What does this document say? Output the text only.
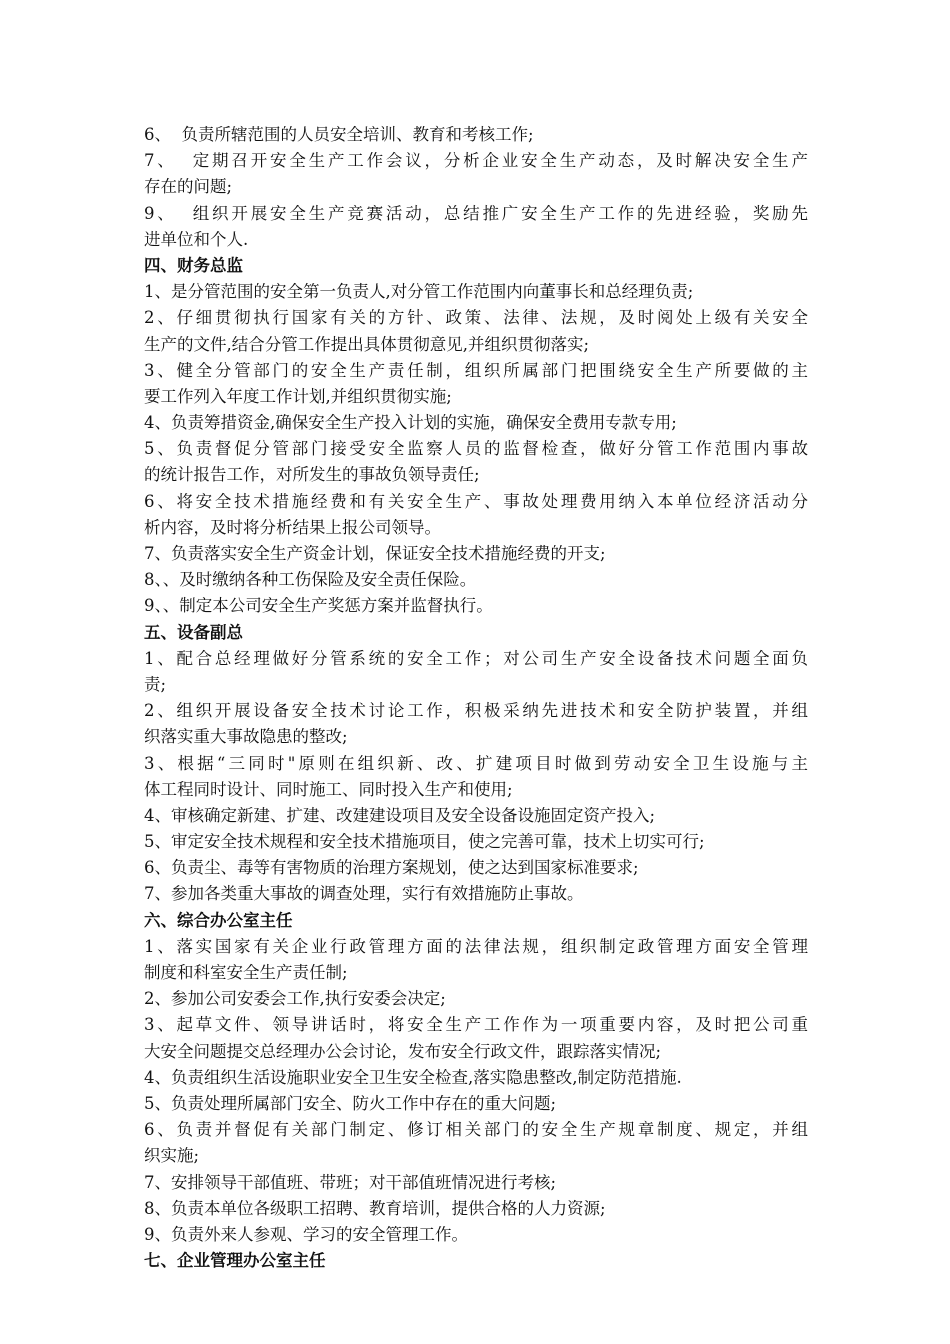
6、  负责所辖范围的人员安全培训、教育和考核工作;
7、  定期召开安全生产工作会议，分析企业安全生产动态，及时解决安全生产
存在的问题;
9、  组织开展安全生产竞赛活动，总结推广安全生产工作的先进经验，奖励先
进单位和个人.
四、财务总监
1、是分管范围的安全第一负责人,对分管工作范围内向董事长和总经理负责;
2、仔细贯彻执行国家有关的方针、政策、法律、法规，及时阅处上级有关安全
生产的文件,结合分管工作提出具体贯彻意见,并组织贯彻落实;
3、健全分管部门的安全生产责任制，组织所属部门把围绕安全生产所要做的主
要工作列入年度工作计划,并组织贯彻实施;
4、负责筹措资金,确保安全生产投入计划的实施，确保安全费用专款专用;
5、负责督促分管部门接受安全监察人员的监督检查，做好分管工作范围内事故
的统计报告工作，对所发生的事故负领导责任;
6、将安全技术措施经费和有关安全生产、事故处理费用纳入本单位经济活动分
析内容，及时将分析结果上报公司领导。
7、负责落实安全生产资金计划，保证安全技术措施经费的开支;
8、、及时缴纳各种工伤保险及安全责任保险。
9、、制定本公司安全生产奖惩方案并监督执行。
五、设备副总
1、配合总经理做好分管系统的安全工作；对公司生产安全设备技术问题全面负
责;
2、组织开展设备安全技术讨论工作，积极采纳先进技术和安全防护装置，并组
织落实重大事故隐患的整改;
3、根据“三同时"原则在组织新、改、扩建项目时做到劳动安全卫生设施与主
体工程同时设计、同时施工、同时投入生产和使用;
4、审核确定新建、扩建、改建建设项目及安全设备设施固定资产投入;
5、审定安全技术规程和安全技术措施项目，使之完善可靠，技术上切实可行;
6、负责尘、毒等有害物质的治理方案规划，使之达到国家标准要求;
7、参加各类重大事故的调查处理，实行有效措施防止事故。
六、综合办公室主任
1、落实国家有关企业行政管理方面的法律法规，组织制定政管理方面安全管理
制度和科室安全生产责任制;
2、参加公司安委会工作,执行安委会决定;
3、起草文件、领导讲话时，将安全生产工作作为一项重要内容，及时把公司重
大安全问题提交总经理办公会讨论，发布安全行政文件，跟踪落实情况;
4、负责组织生活设施职业安全卫生安全检查,落实隐患整改,制定防范措施.
5、负责处理所属部门安全、防火工作中存在的重大问题;
6、负责并督促有关部门制定、修订相关部门的安全生产规章制度、规定，并组
织实施;
7、安排领导干部值班、带班；对干部值班情况进行考核;
8、负责本单位各级职工招聘、教育培训，提供合格的人力资源;
9、负责外来人参观、学习的安全管理工作。
七、企业管理办公室主任
